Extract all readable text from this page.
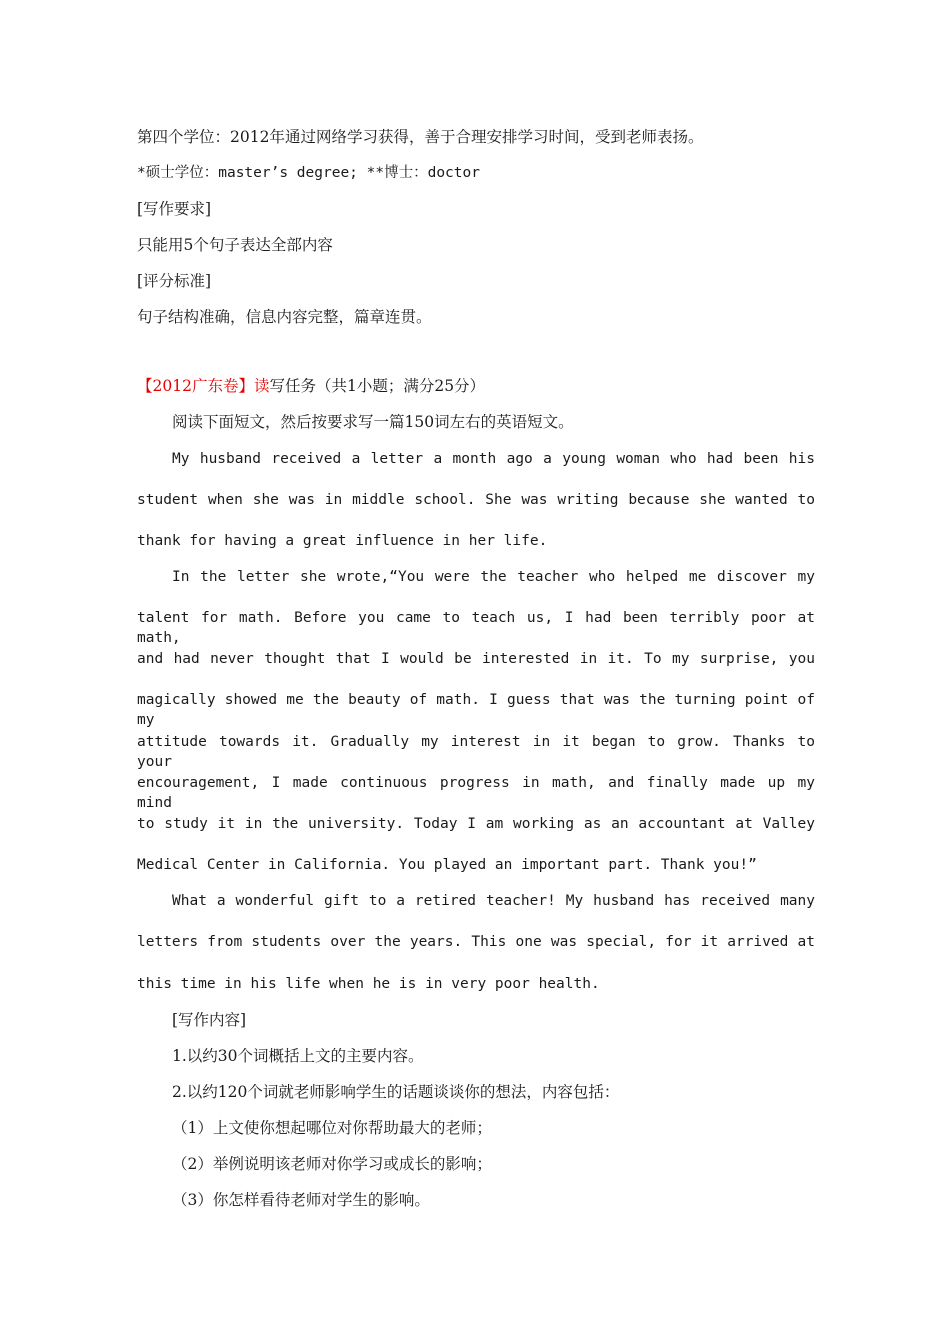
第四个学位：2012年通过网络学习获得，善于合理安排学习时间，受到老师表扬。

*硕士学位：master’s degree; **博士：doctor

[写作要求]

只能用5个句子表达全部内容

[评分标准]

句子结构准确，信息内容完整，篇章连贯。

【2012广东卷】读写任务（共1小题；满分25分）

阅读下面短文，然后按要求写一篇150词左右的英语短文。

My husband received a letter a month ago a young woman who had been his

student when she was in middle school. She was writing because she wanted to

thank for having a great influence in her life.

In the letter she wrote,“You were the teacher who helped me discover my

talent for math. Before you came to teach us, I had been terribly poor at math,

and had never thought that I would be interested in it. To my surprise, you

magically showed me the beauty of math. I guess that was the turning point of my

attitude towards it. Gradually my interest in it began to grow. Thanks to your

encouragement, I made continuous progress in math, and finally made up my mind

to study it in the university. Today I am working as an accountant at Valley

Medical Center in California. You played an important part. Thank you!”

What a wonderful gift to a retired teacher! My husband has received many

letters from students over the years. This one was special, for it arrived at

this time in his life when he is in very poor health.

[写作内容]

1.以约30个词概括上文的主要内容。

2.以约120个词就老师影响学生的话题谈谈你的想法，内容包括：

（1）上文使你想起哪位对你帮助最大的老师；

（2）举例说明该老师对你学习或成长的影响；

（3）你怎样看待老师对学生的影响。
